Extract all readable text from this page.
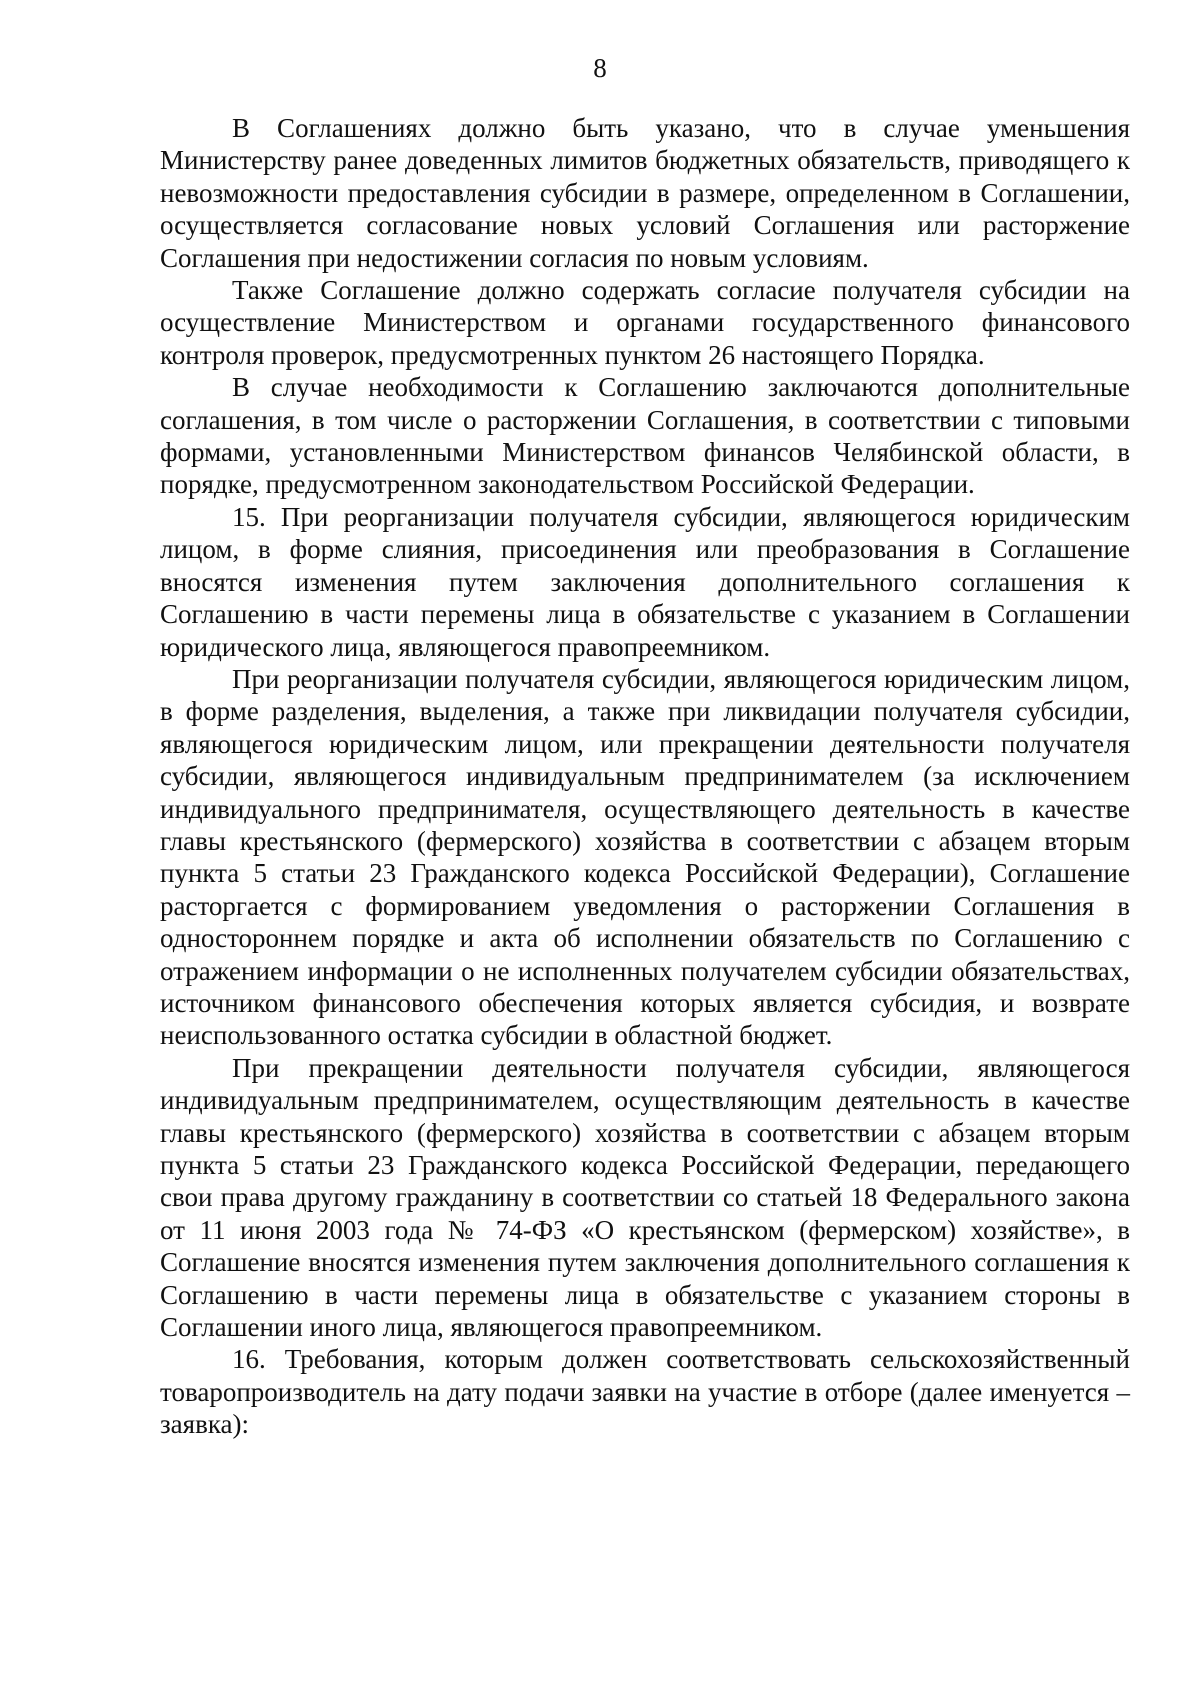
8

В Соглашениях должно быть указано, что в случае уменьшения Министерству ранее доведенных лимитов бюджетных обязательств, приводящего к невозможности предоставления субсидии в размере, определенном в Соглашении, осуществляется согласование новых условий Соглашения или расторжение Соглашения при недостижении согласия по новым условиям.

Также Соглашение должно содержать согласие получателя субсидии на осуществление Министерством и органами государственного финансового контроля проверок, предусмотренных пунктом 26 настоящего Порядка.

В случае необходимости к Соглашению заключаются дополнительные соглашения, в том числе о расторжении Соглашения, в соответствии с типовыми формами, установленными Министерством финансов Челябинской области, в порядке, предусмотренном законодательством Российской Федерации.

15. При реорганизации получателя субсидии, являющегося юридическим лицом, в форме слияния, присоединения или преобразования в Соглашение вносятся изменения путем заключения дополнительного соглашения к Соглашению в части перемены лица в обязательстве с указанием в Соглашении юридического лица, являющегося правопреемником.

При реорганизации получателя субсидии, являющегося юридическим лицом, в форме разделения, выделения, а также при ликвидации получателя субсидии, являющегося юридическим лицом, или прекращении деятельности получателя субсидии, являющегося индивидуальным предпринимателем (за исключением индивидуального предпринимателя, осуществляющего деятельность в качестве главы крестьянского (фермерского) хозяйства в соответствии с абзацем вторым пункта 5 статьи 23 Гражданского кодекса Российской Федерации), Соглашение расторгается с формированием уведомления о расторжении Соглашения в одностороннем порядке и акта об исполнении обязательств по Соглашению с отражением информации о не исполненных получателем субсидии обязательствах, источником финансового обеспечения которых является субсидия, и возврате неиспользованного остатка субсидии в областной бюджет.

При прекращении деятельности получателя субсидии, являющегося индивидуальным предпринимателем, осуществляющим деятельность в качестве главы крестьянского (фермерского) хозяйства в соответствии с абзацем вторым пункта 5 статьи 23 Гражданского кодекса Российской Федерации, передающего свои права другому гражданину в соответствии со статьей 18 Федерального закона от 11 июня 2003 года № 74-ФЗ «О крестьянском (фермерском) хозяйстве», в Соглашение вносятся изменения путем заключения дополнительного соглашения к Соглашению в части перемены лица в обязательстве с указанием стороны в Соглашении иного лица, являющегося правопреемником.

16. Требования, которым должен соответствовать сельскохозяйственный товаропроизводитель на дату подачи заявки на участие в отборе (далее именуется – заявка):
